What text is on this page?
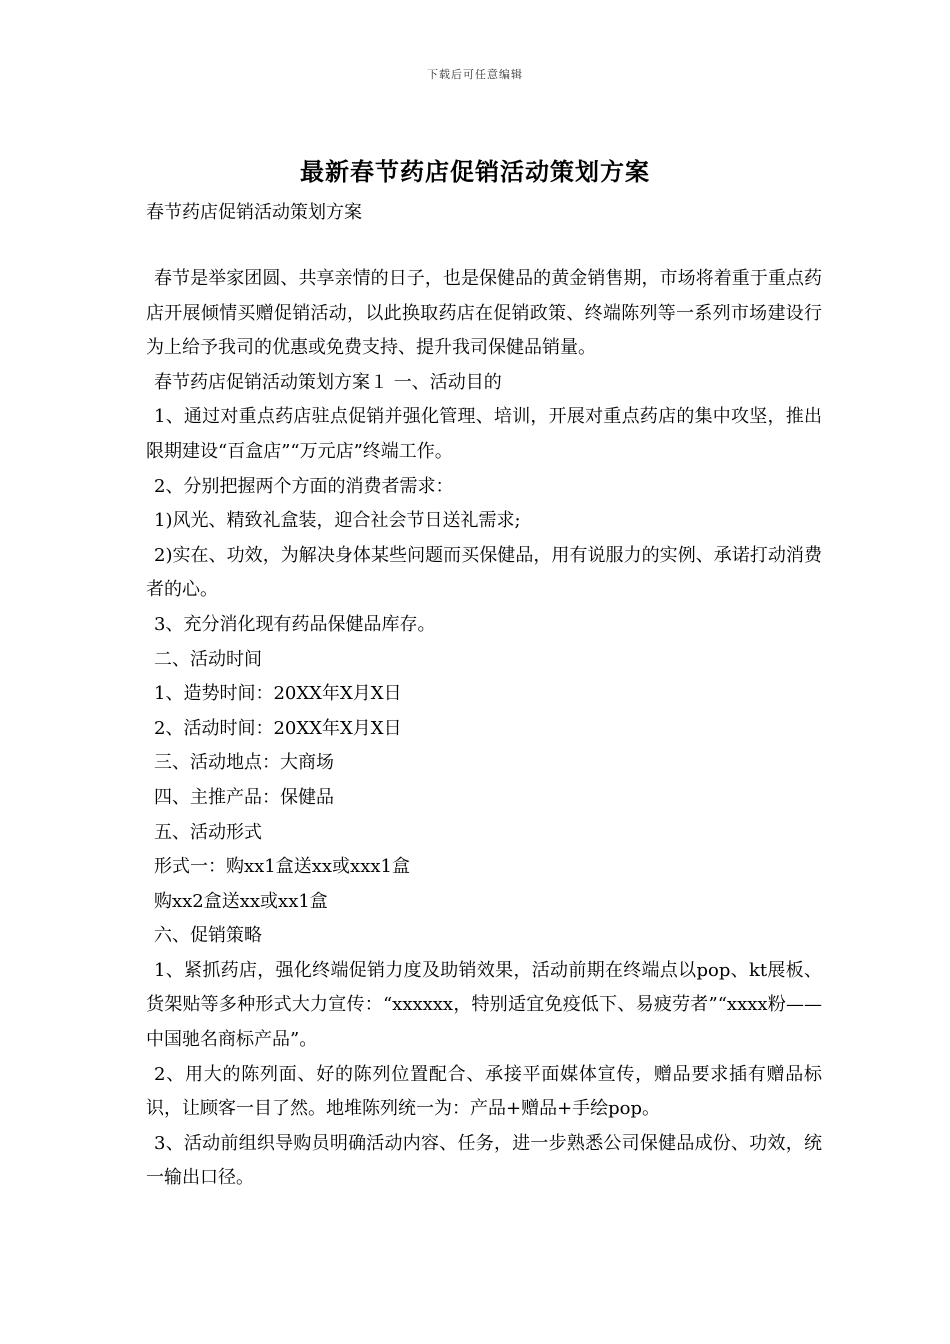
下载后可任意编辑
最新春节药店促销活动策划方案
春节药店促销活动策划方案

春节是举家团圆、共享亲情的日子，也是保健品的黄金销售期，市场将着重于重点药店开展倾情买赠促销活动，以此换取药店在促销政策、终端陈列等一系列市场建设行为上给予我司的优惠或免费支持、提升我司保健品销量。

春节药店促销活动策划方案１ 一、活动目的

1、通过对重点药店驻点促销并强化管理、培训，开展对重点药店的集中攻坚，推出限期建设“百盒店”“万元店”终端工作。

2、分别把握两个方面的消费者需求：

1)风光、精致礼盒装，迎合社会节日送礼需求;

2)实在、功效，为解决身体某些问题而买保健品，用有说服力的实例、承诺打动消费者的心。

3、充分消化现有药品保健品库存。

二、活动时间

1、造势时间：20XX年X月X日

2、活动时间：20XX年X月X日

三、活动地点：大商场

四、主推产品：保健品

五、活动形式

形式一：购xx1盒送xx或xxx1盒

购xx2盒送xx或xx1盒

六、促销策略

1、紧抓药店，强化终端促销力度及助销效果，活动前期在终端点以pop、kt展板、货架贴等多种形式大力宣传：“xxxxxx，特别适宜免疫低下、易疲劳者”“xxxx粉——中国驰名商标产品”。

2、用大的陈列面、好的陈列位置配合、承接平面媒体宣传，赠品要求插有赠品标识，让顾客一目了然。地堆陈列统一为：产品+赠品+手绘pop。

3、活动前组织导购员明确活动内容、任务，进一步熟悉公司保健品成份、功效，统一输出口径。
